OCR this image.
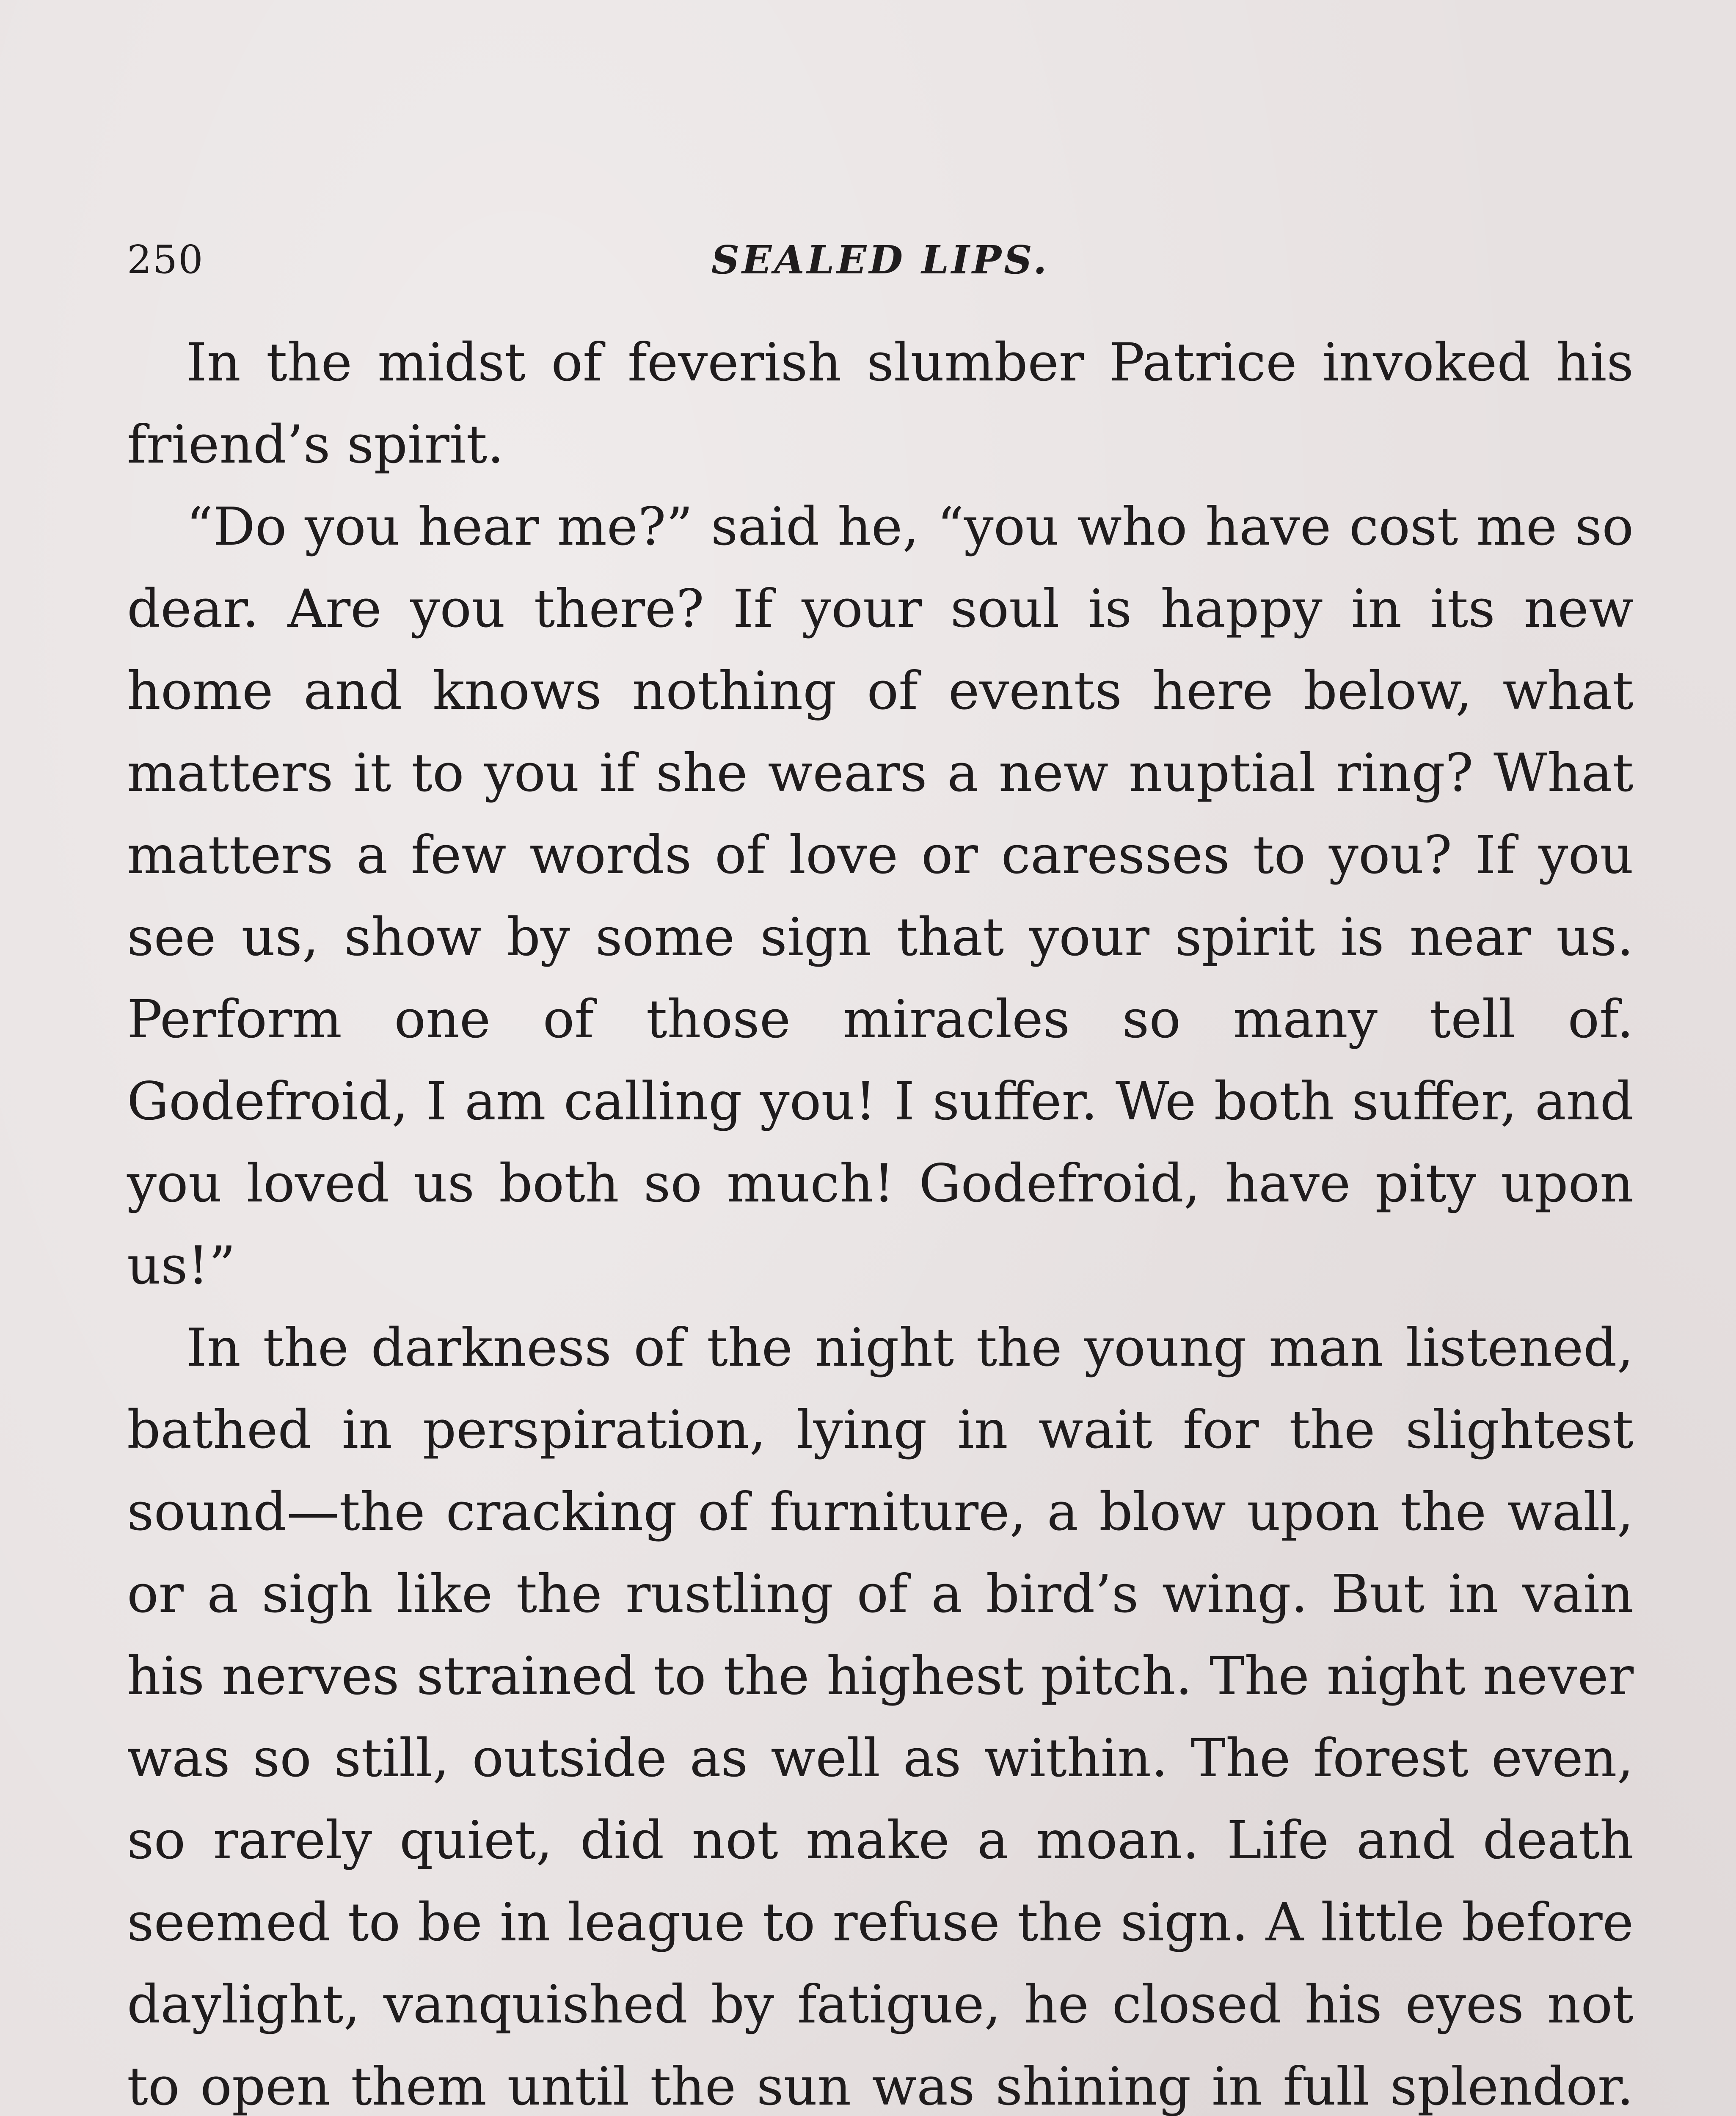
250	SEALED LIPS.

In the midst of feverish slumber Patrice invoked his friend’s spirit.

“Do you hear me?” said he, “you who have cost me so dear. Are you there? If your soul is happy in its new home and knows nothing of events here below, what matters it to you if she wears a new nuptial ring? What matters a few words of love or caresses to you? If you see us, show by some sign that your spirit is near us. Perform one of those miracles so many tell of. Godefroid, I am calling you! I suffer. We both suffer, and you loved us both so much! Godefroid, have pity upon us!”

In the darkness of the night the young man listened, bathed in perspiration, lying in wait for the slightest sound—the cracking of furniture, a blow upon the wall, or a sigh like the rustling of a bird’s wing. But in vain his nerves strained to the highest pitch. The night never was so still, outside as well as within. The forest even, so rarely quiet, did not make a moan. Life and death seemed to be in league to refuse the sign. A little before daylight, vanquished by fatigue, he closed his eyes not to open them until the sun was shining in full splendor.
